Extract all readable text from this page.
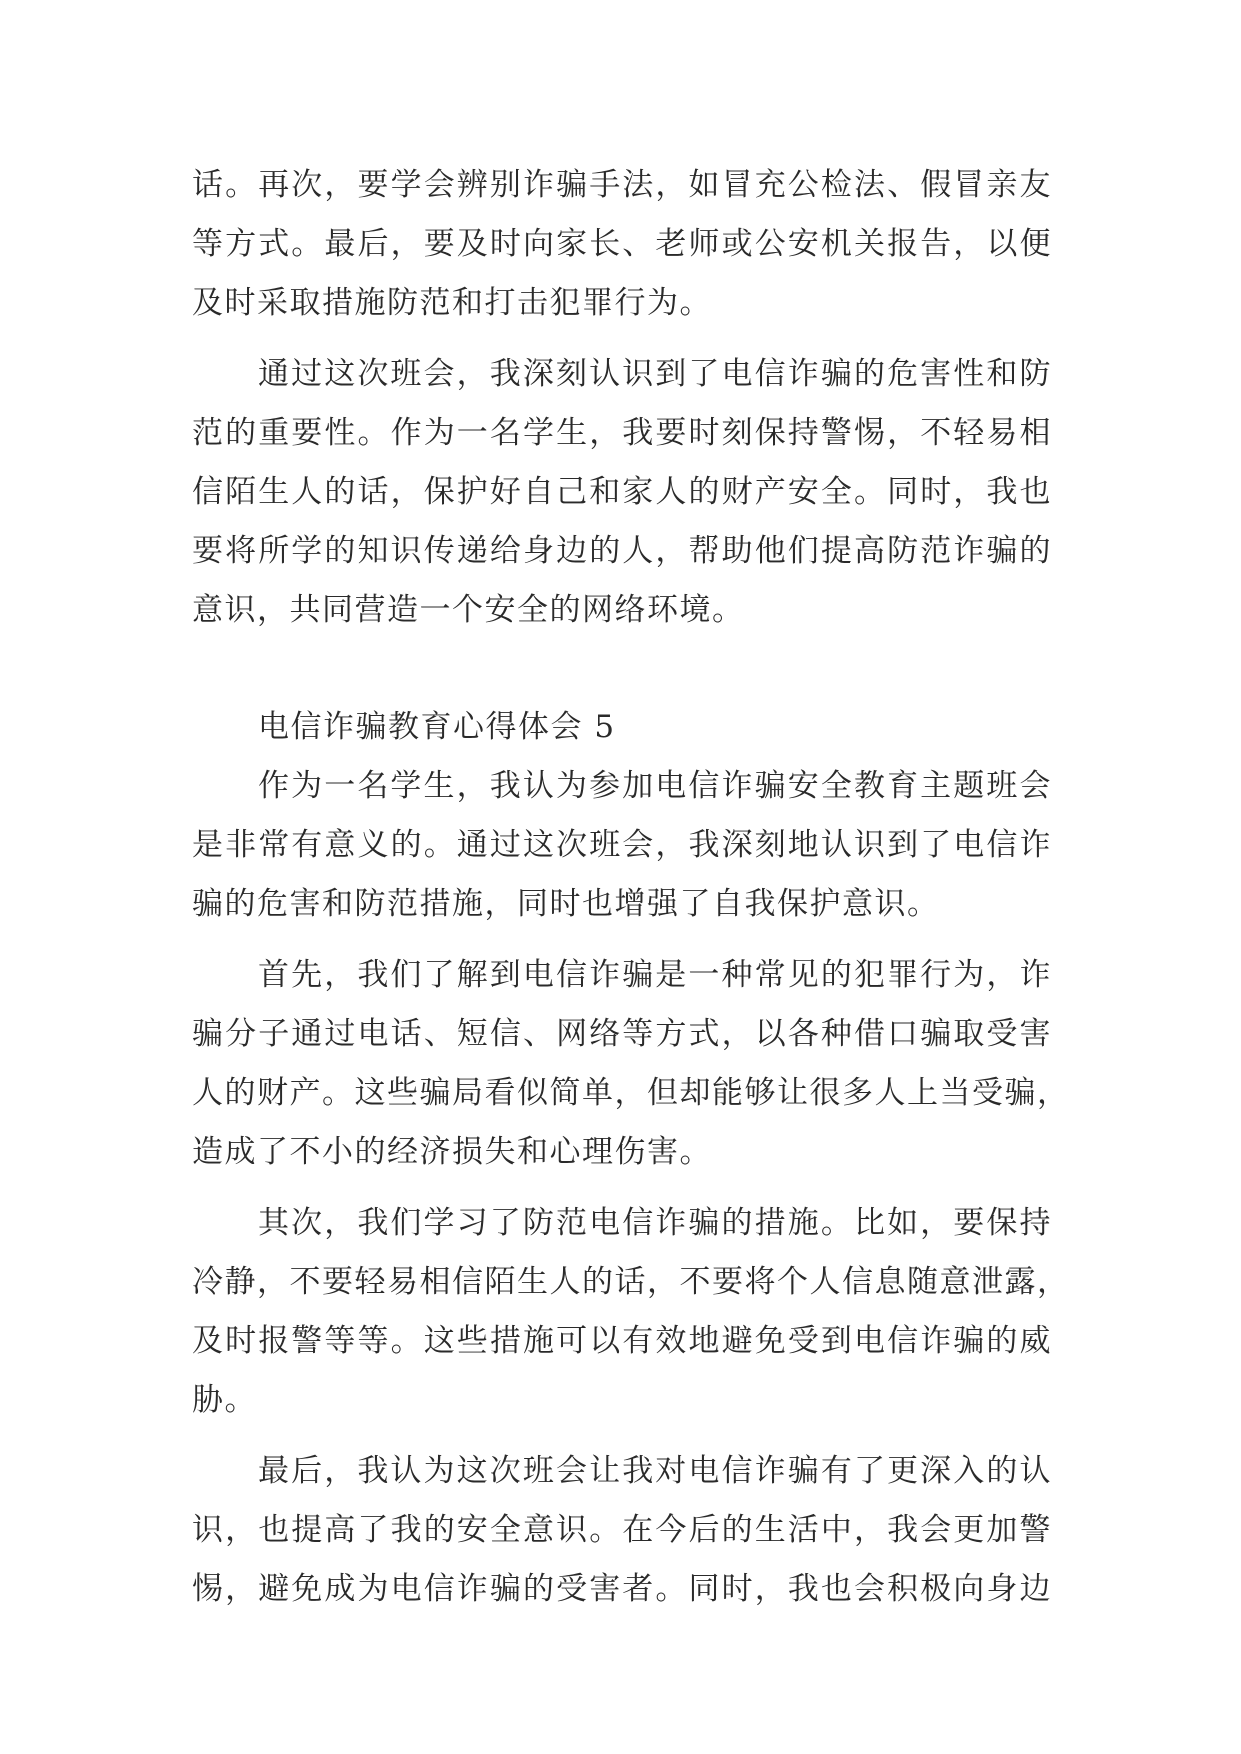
话。再次，要学会辨别诈骗手法，如冒充公检法、假冒亲友
等方式。最后，要及时向家长、老师或公安机关报告，以便
及时采取措施防范和打击犯罪行为。
通过这次班会，我深刻认识到了电信诈骗的危害性和防
范的重要性。作为一名学生，我要时刻保持警惕，不轻易相
信陌生人的话，保护好自己和家人的财产安全。同时，我也
要将所学的知识传递给身边的人，帮助他们提高防范诈骗的
意识，共同营造一个安全的网络环境。
电信诈骗教育心得体会 5
作为一名学生，我认为参加电信诈骗安全教育主题班会
是非常有意义的。通过这次班会，我深刻地认识到了电信诈
骗的危害和防范措施，同时也增强了自我保护意识。
首先，我们了解到电信诈骗是一种常见的犯罪行为，诈
骗分子通过电话、短信、网络等方式，以各种借口骗取受害
人的财产。这些骗局看似简单，但却能够让很多人上当受骗，
造成了不小的经济损失和心理伤害。
其次，我们学习了防范电信诈骗的措施。比如，要保持
冷静，不要轻易相信陌生人的话，不要将个人信息随意泄露，
及时报警等等。这些措施可以有效地避免受到电信诈骗的威
胁。
最后，我认为这次班会让我对电信诈骗有了更深入的认
识，也提高了我的安全意识。在今后的生活中，我会更加警
惕，避免成为电信诈骗的受害者。同时，我也会积极向身边
